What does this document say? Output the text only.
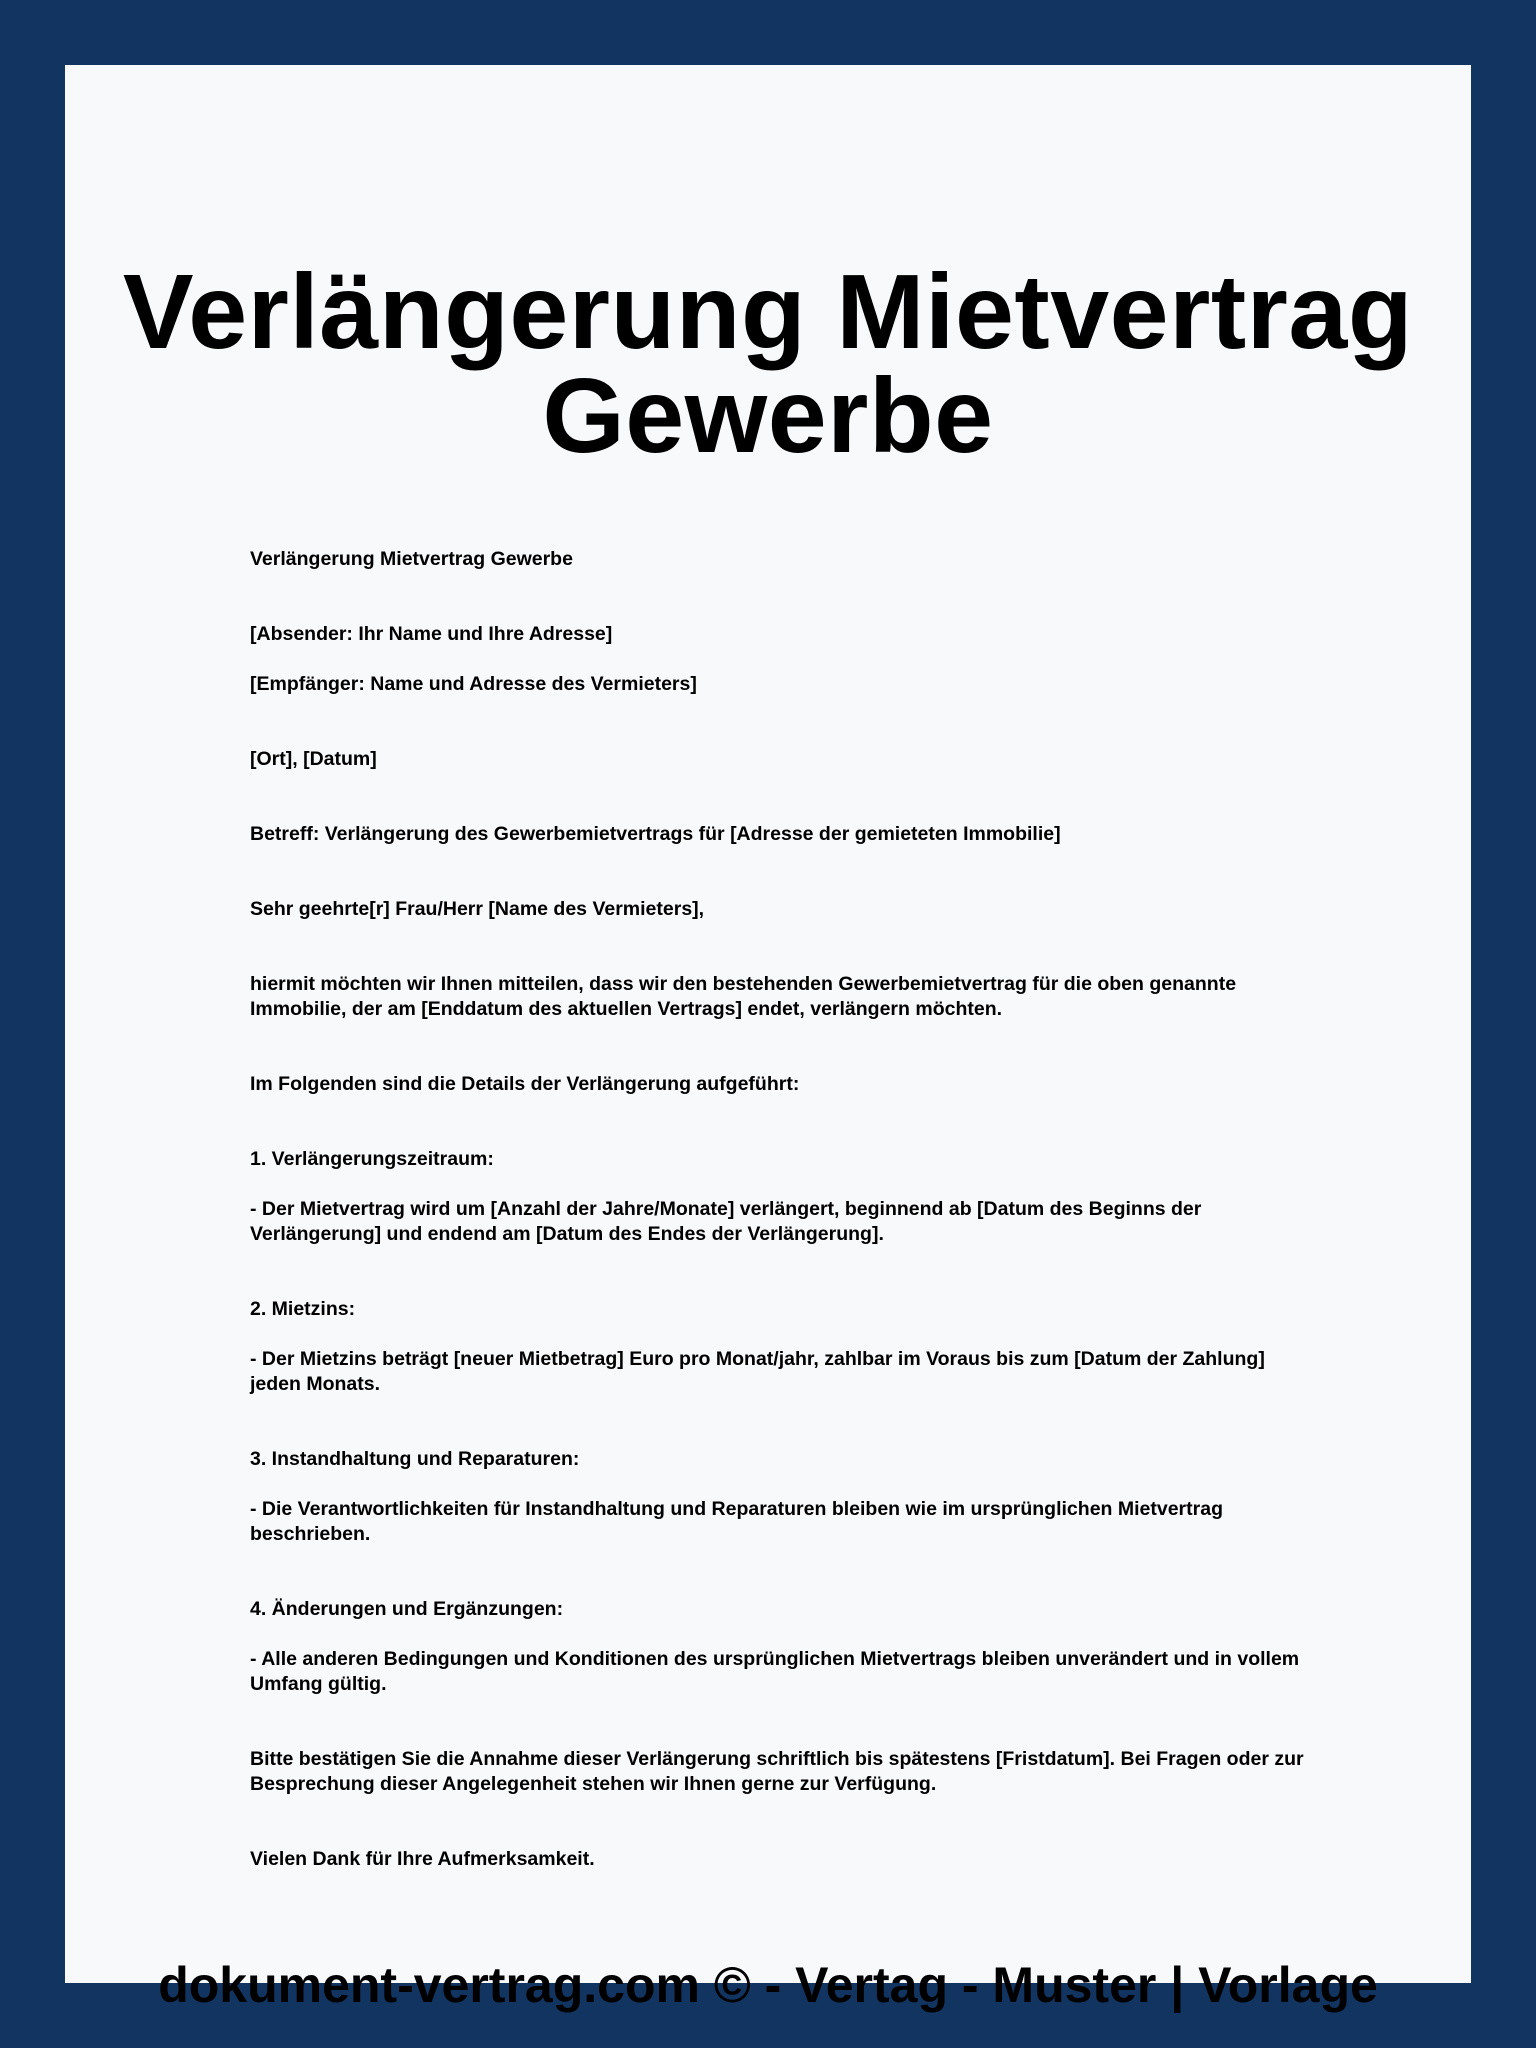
Verlängerung Mietvertrag Gewerbe

Verlängerung Mietvertrag Gewerbe

[Absender: Ihr Name und Ihre Adresse]

[Empfänger: Name und Adresse des Vermieters]

[Ort], [Datum]

Betreff: Verlängerung des Gewerbemietvertrags für [Adresse der gemieteten Immobilie]

Sehr geehrte[r] Frau/Herr [Name des Vermieters],

hiermit möchten wir Ihnen mitteilen, dass wir den bestehenden Gewerbemietvertrag für die oben genannte Immobilie, der am [Enddatum des aktuellen Vertrags] endet, verlängern möchten.

Im Folgenden sind die Details der Verlängerung aufgeführt:

1. Verlängerungszeitraum:

- Der Mietvertrag wird um [Anzahl der Jahre/Monate] verlängert, beginnend ab [Datum des Beginns der Verlängerung] und endend am [Datum des Endes der Verlängerung].

2. Mietzins:

- Der Mietzins beträgt [neuer Mietbetrag] Euro pro Monat/jahr, zahlbar im Voraus bis zum [Datum der Zahlung] jeden Monats.

3. Instandhaltung und Reparaturen:

- Die Verantwortlichkeiten für Instandhaltung und Reparaturen bleiben wie im ursprünglichen Mietvertrag beschrieben.

4. Änderungen und Ergänzungen:

- Alle anderen Bedingungen und Konditionen des ursprünglichen Mietvertrags bleiben unverändert und in vollem Umfang gültig.

Bitte bestätigen Sie die Annahme dieser Verlängerung schriftlich bis spätestens [Fristdatum]. Bei Fragen oder zur Besprechung dieser Angelegenheit stehen wir Ihnen gerne zur Verfügung.

Vielen Dank für Ihre Aufmerksamkeit.

dokument-vertrag.com © - Vertag - Muster | Vorlage
